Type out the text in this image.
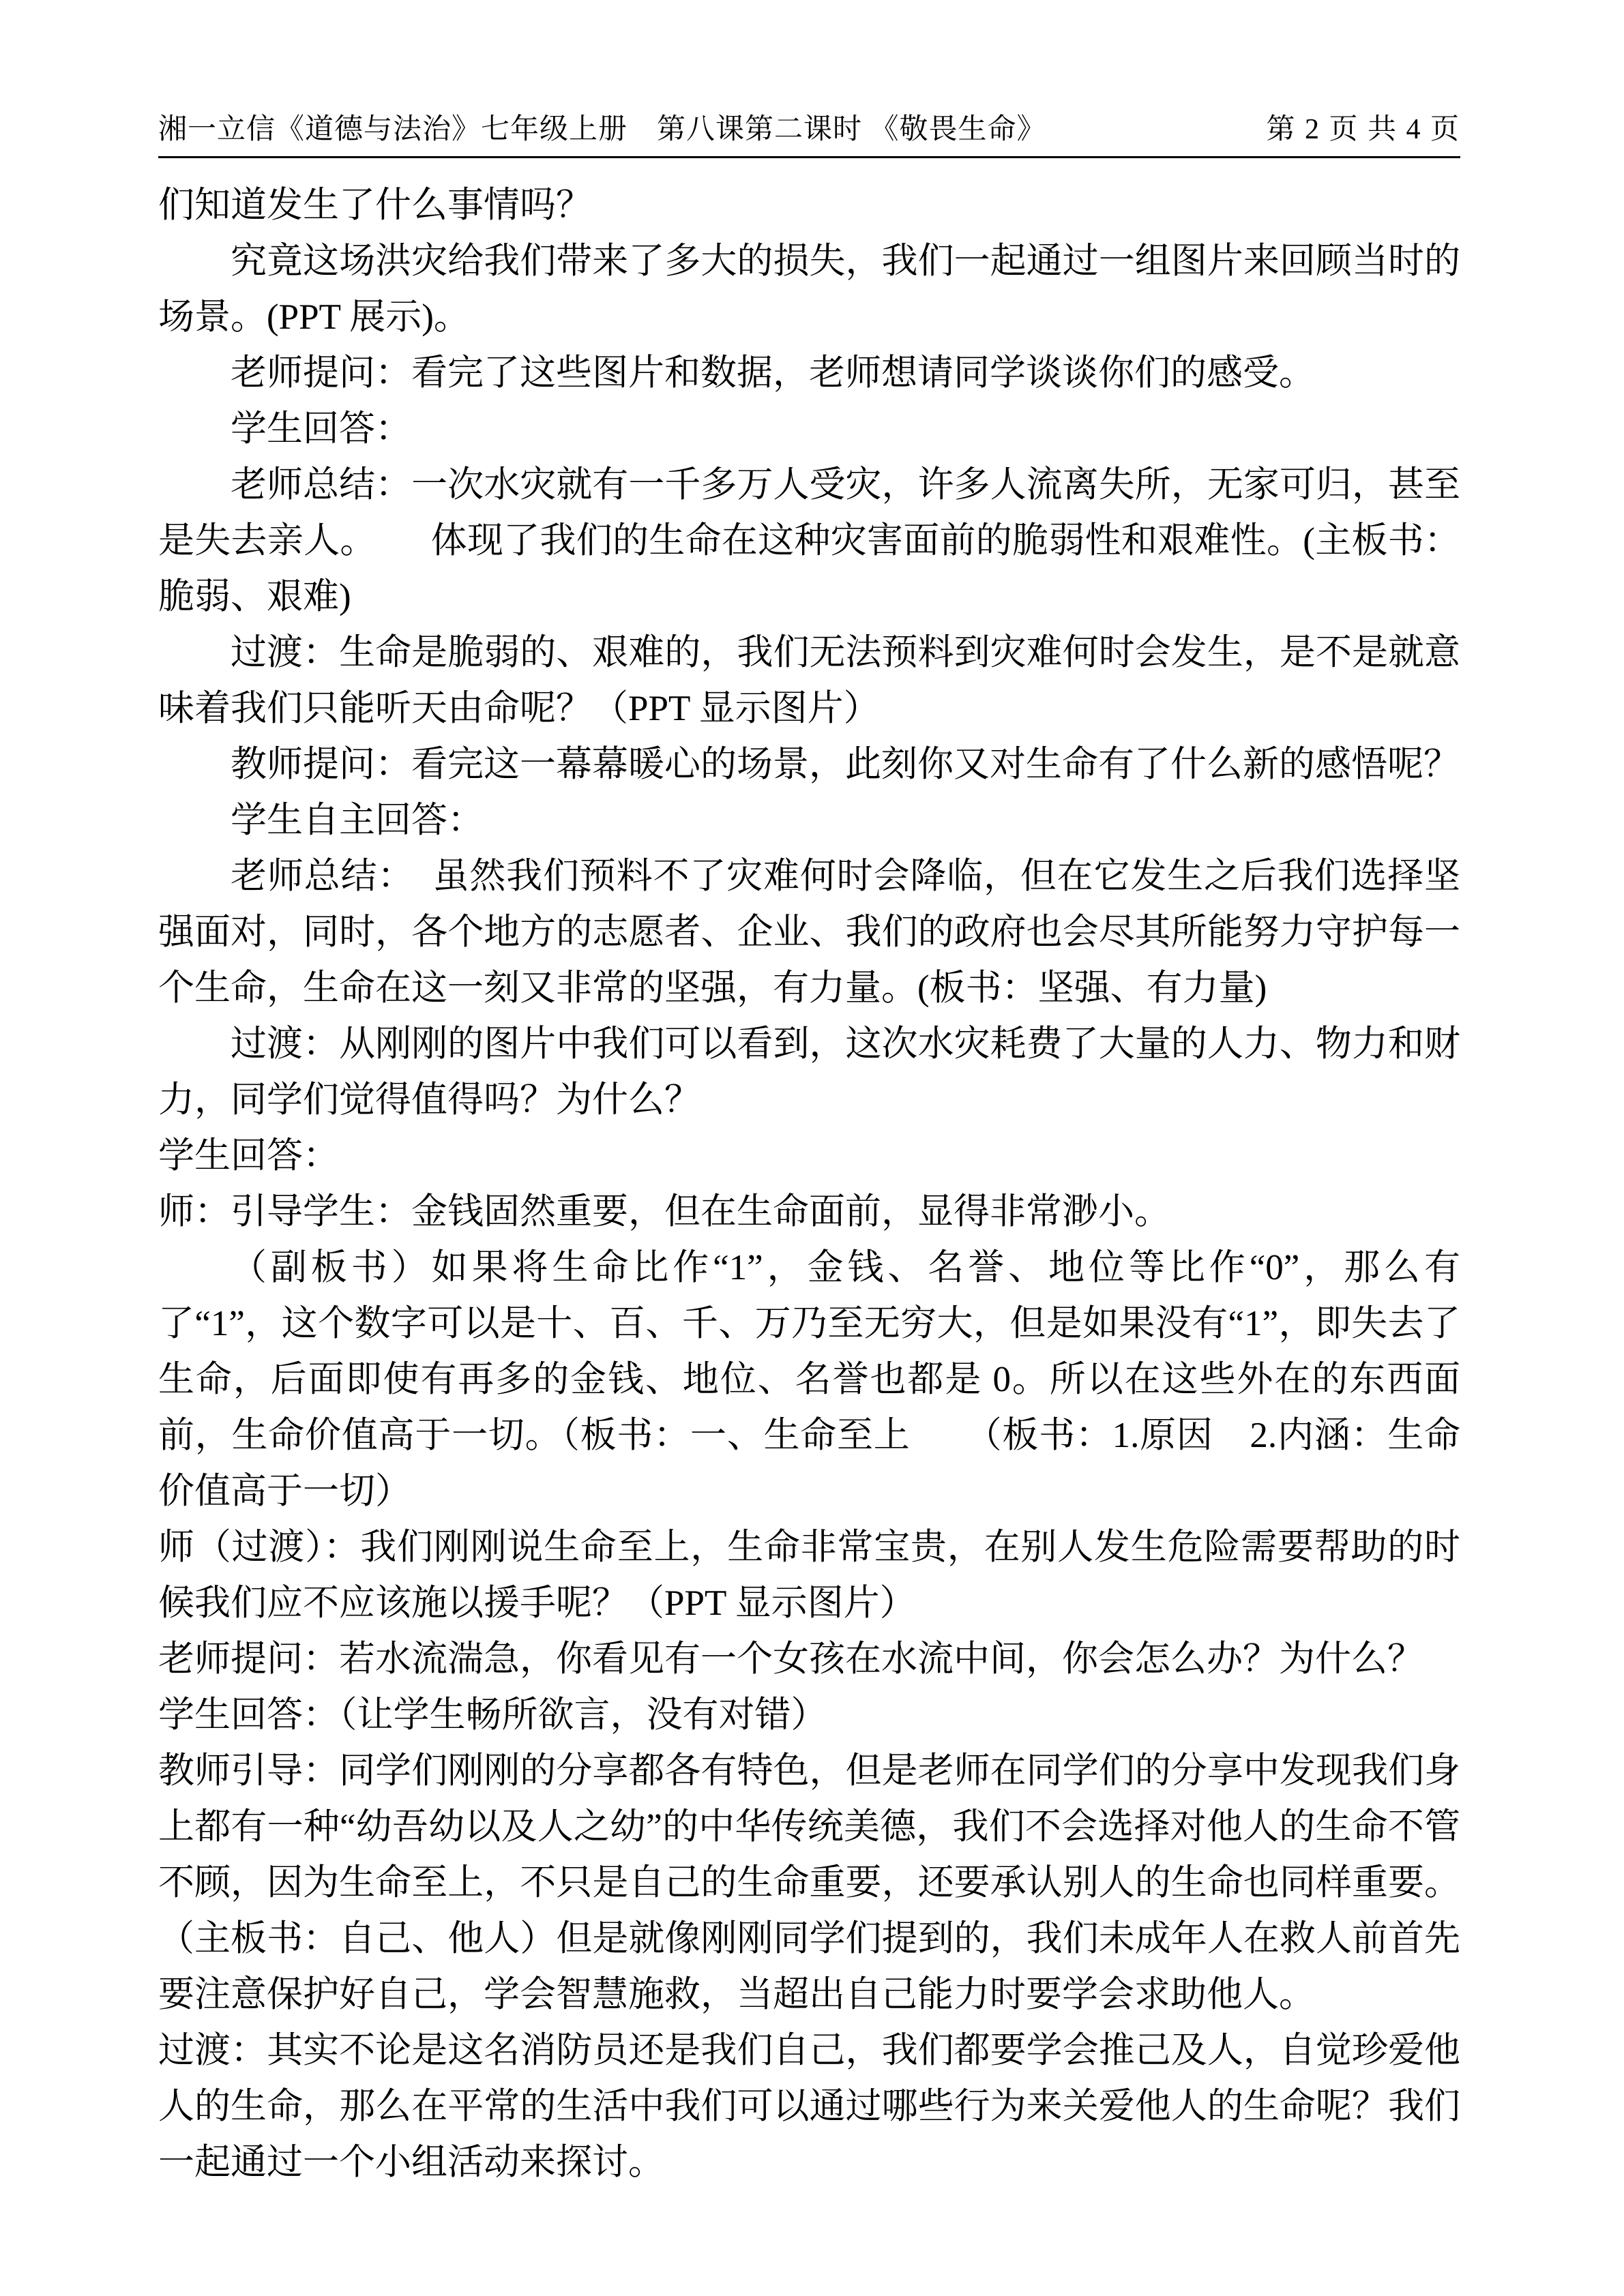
湘一立信《道德与法治》七年级上册　第八课第二课时 《敬畏生命》	第 2 页 共 4 页

们知道发生了什么事情吗？

究竟这场洪灾给我们带来了多大的损失，我们一起通过一组图片来回顾当时的场景。(PPT 展示)。

老师提问：看完了这些图片和数据，老师想请同学谈谈你们的感受。

学生回答：

老师总结：一次水灾就有一千多万人受灾，许多人流离失所，无家可归，甚至是失去亲人。　　体现了我们的生命在这种灾害面前的脆弱性和艰难性。(主板书：脆弱、艰难)

过渡：生命是脆弱的、艰难的，我们无法预料到灾难何时会发生，是不是就意味着我们只能听天由命呢？（PPT 显示图片）

教师提问：看完这一幕幕暖心的场景，此刻你又对生命有了什么新的感悟呢？

学生自主回答：

老师总结：　虽然我们预料不了灾难何时会降临，但在它发生之后我们选择坚强面对，同时，各个地方的志愿者、企业、我们的政府也会尽其所能努力守护每一个生命，生命在这一刻又非常的坚强，有力量。(板书：坚强、有力量)

过渡：从刚刚的图片中我们可以看到，这次水灾耗费了大量的人力、物力和财力，同学们觉得值得吗？为什么？

学生回答：

师：引导学生：金钱固然重要，但在生命面前，显得非常渺小。

（副板书）如果将生命比作“1”，金钱、名誉、地位等比作“0”，那么有了“1”，这个数字可以是十、百、千、万乃至无穷大，但是如果没有“1”，即失去了生命，后面即使有再多的金钱、地位、名誉也都是 0。所以在这些外在的东西面前，生命价值高于一切。（板书：一、生命至上　　（板书：1.原因　2.内涵：生命价值高于一切）

师（过渡）：我们刚刚说生命至上，生命非常宝贵，在别人发生危险需要帮助的时候我们应不应该施以援手呢？（PPT 显示图片）

老师提问：若水流湍急，你看见有一个女孩在水流中间，你会怎么办？为什么？

学生回答：（让学生畅所欲言，没有对错）

教师引导：同学们刚刚的分享都各有特色，但是老师在同学们的分享中发现我们身上都有一种“幼吾幼以及人之幼”的中华传统美德，我们不会选择对他人的生命不管不顾，因为生命至上，不只是自己的生命重要，还要承认别人的生命也同样重要。（主板书：自己、他人）但是就像刚刚同学们提到的，我们未成年人在救人前首先要注意保护好自己，学会智慧施救，当超出自己能力时要学会求助他人。

过渡：其实不论是这名消防员还是我们自己，我们都要学会推己及人，自觉珍爱他人的生命，那么在平常的生活中我们可以通过哪些行为来关爱他人的生命呢？我们一起通过一个小组活动来探讨。
